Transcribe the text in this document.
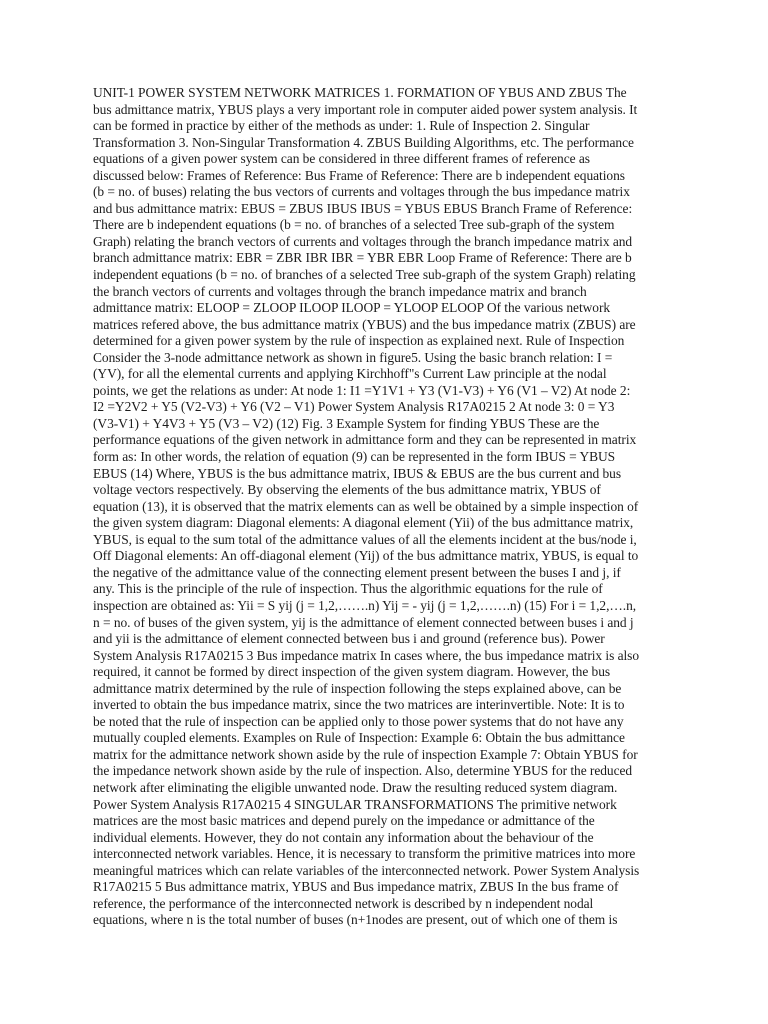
UNIT-1 POWER SYSTEM NETWORK MATRICES 1. FORMATION OF YBUS AND ZBUS The
bus admittance matrix, YBUS plays a very important role in computer aided power system analysis. It
can be formed in practice by either of the methods as under: 1. Rule of Inspection 2. Singular
Transformation 3. Non-Singular Transformation 4. ZBUS Building Algorithms, etc. The performance
equations of a given power system can be considered in three different frames of reference as
discussed below: Frames of Reference: Bus Frame of Reference: There are b independent equations
(b = no. of buses) relating the bus vectors of currents and voltages through the bus impedance matrix
and bus admittance matrix: EBUS = ZBUS IBUS IBUS = YBUS EBUS Branch Frame of Reference:
There are b independent equations (b = no. of branches of a selected Tree sub-graph of the system
Graph) relating the branch vectors of currents and voltages through the branch impedance matrix and
branch admittance matrix: EBR = ZBR IBR IBR = YBR EBR Loop Frame of Reference: There are b
independent equations (b = no. of branches of a selected Tree sub-graph of the system Graph) relating
the branch vectors of currents and voltages through the branch impedance matrix and branch
admittance matrix: ELOOP = ZLOOP ILOOP ILOOP = YLOOP ELOOP Of the various network
matrices refered above, the bus admittance matrix (YBUS) and the bus impedance matrix (ZBUS) are
determined for a given power system by the rule of inspection as explained next. Rule of Inspection
Consider the 3-node admittance network as shown in figure5. Using the basic branch relation: I =
(YV), for all the elemental currents and applying Kirchhoff"s Current Law principle at the nodal
points, we get the relations as under: At node 1: I1 =Y1V1 + Y3 (V1-V3) + Y6 (V1 – V2) At node 2:
I2 =Y2V2 + Y5 (V2-V3) + Y6 (V2 – V1) Power System Analysis R17A0215 2 At node 3: 0 = Y3
(V3-V1) + Y4V3 + Y5 (V3 – V2) (12) Fig. 3 Example System for finding YBUS These are the
performance equations of the given network in admittance form and they can be represented in matrix
form as: In other words, the relation of equation (9) can be represented in the form IBUS = YBUS
EBUS (14) Where, YBUS is the bus admittance matrix, IBUS & EBUS are the bus current and bus
voltage vectors respectively. By observing the elements of the bus admittance matrix, YBUS of
equation (13), it is observed that the matrix elements can as well be obtained by a simple inspection of
the given system diagram: Diagonal elements: A diagonal element (Yii) of the bus admittance matrix,
YBUS, is equal to the sum total of the admittance values of all the elements incident at the bus/node i,
Off Diagonal elements: An off-diagonal element (Yij) of the bus admittance matrix, YBUS, is equal to
the negative of the admittance value of the connecting element present between the buses I and j, if
any. This is the principle of the rule of inspection. Thus the algorithmic equations for the rule of
inspection are obtained as: Yii = S yij (j = 1,2,…….n) Yij = - yij (j = 1,2,…….n) (15) For i = 1,2,….n,
n = no. of buses of the given system, yij is the admittance of element connected between buses i and j
and yii is the admittance of element connected between bus i and ground (reference bus). Power
System Analysis R17A0215 3 Bus impedance matrix In cases where, the bus impedance matrix is also
required, it cannot be formed by direct inspection of the given system diagram. However, the bus
admittance matrix determined by the rule of inspection following the steps explained above, can be
inverted to obtain the bus impedance matrix, since the two matrices are interinvertible. Note: It is to
be noted that the rule of inspection can be applied only to those power systems that do not have any
mutually coupled elements. Examples on Rule of Inspection: Example 6: Obtain the bus admittance
matrix for the admittance network shown aside by the rule of inspection Example 7: Obtain YBUS for
the impedance network shown aside by the rule of inspection. Also, determine YBUS for the reduced
network after eliminating the eligible unwanted node. Draw the resulting reduced system diagram.
Power System Analysis R17A0215 4 SINGULAR TRANSFORMATIONS The primitive network
matrices are the most basic matrices and depend purely on the impedance or admittance of the
individual elements. However, they do not contain any information about the behaviour of the
interconnected network variables. Hence, it is necessary to transform the primitive matrices into more
meaningful matrices which can relate variables of the interconnected network. Power System Analysis
R17A0215 5 Bus admittance matrix, YBUS and Bus impedance matrix, ZBUS In the bus frame of
reference, the performance of the interconnected network is described by n independent nodal
equations, where n is the total number of buses (n+1nodes are present, out of which one of them is
